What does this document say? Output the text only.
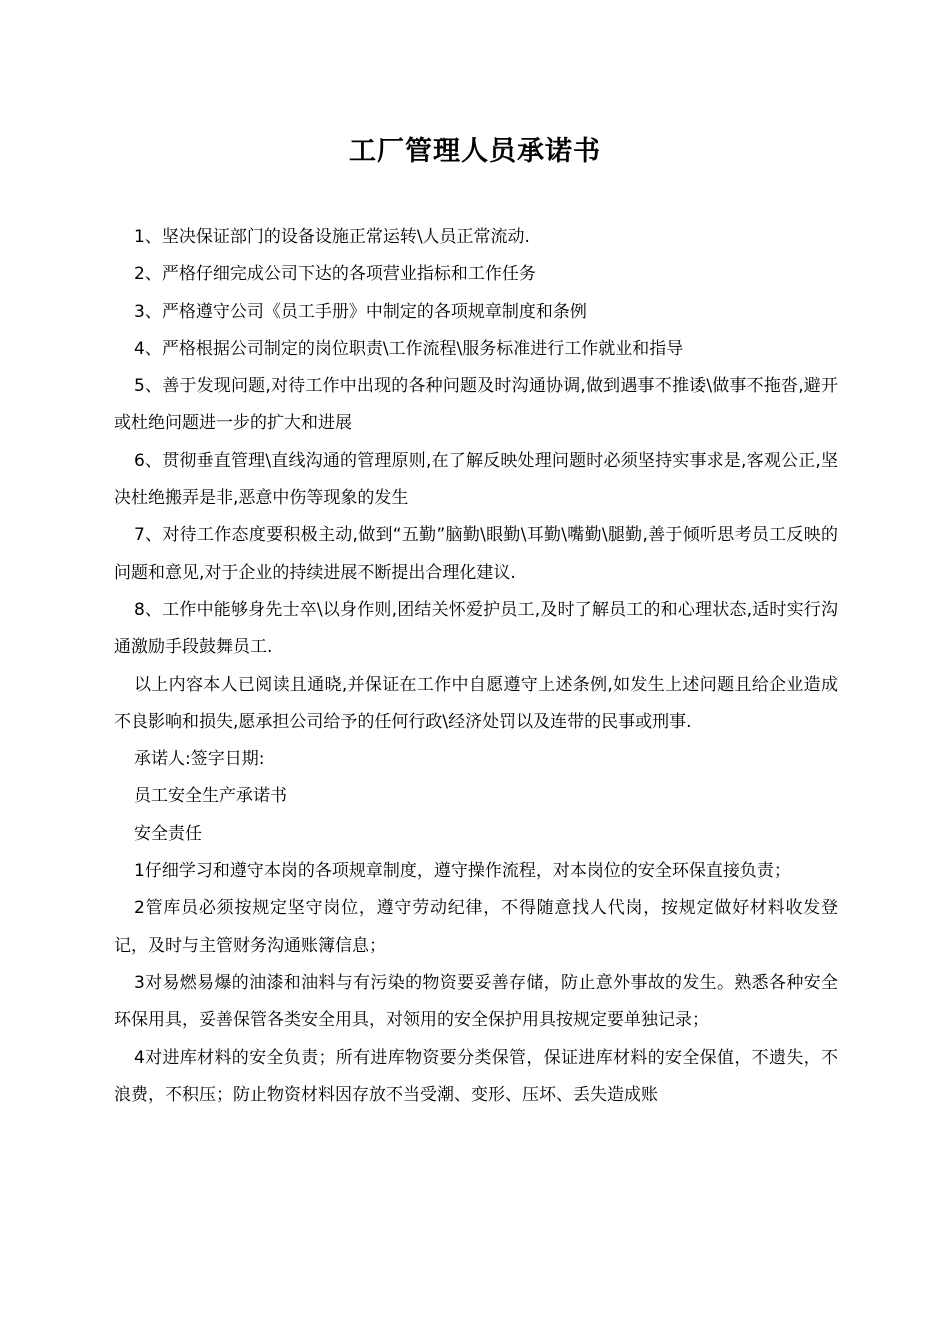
工厂管理人员承诺书

1、坚决保证部门的设备设施正常运转\人员正常流动.

2、严格仔细完成公司下达的各项营业指标和工作任务

3、严格遵守公司《员工手册》中制定的各项规章制度和条例

4、严格根据公司制定的岗位职责\工作流程\服务标准进行工作就业和指导

5、善于发现问题,对待工作中出现的各种问题及时沟通协调,做到遇事不推诿\做事不拖沓,避开或杜绝问题进一步的扩大和进展

6、贯彻垂直管理\直线沟通的管理原则,在了解反映处理问题时必须坚持实事求是,客观公正,坚决杜绝搬弄是非,恶意中伤等现象的发生

7、对待工作态度要积极主动,做到“五勤”脑勤\眼勤\耳勤\嘴勤\腿勤,善于倾听思考员工反映的问题和意见,对于企业的持续进展不断提出合理化建议.

8、工作中能够身先士卒\以身作则,团结关怀爱护员工,及时了解员工的和心理状态,适时实行沟通激励手段鼓舞员工.

以上内容本人已阅读且通晓,并保证在工作中自愿遵守上述条例,如发生上述问题且给企业造成不良影响和损失,愿承担公司给予的任何行政\经济处罚以及连带的民事或刑事.

承诺人:签字日期:

员工安全生产承诺书

安全责任

1仔细学习和遵守本岗的各项规章制度，遵守操作流程，对本岗位的安全环保直接负责；

2管库员必须按规定坚守岗位，遵守劳动纪律，不得随意找人代岗，按规定做好材料收发登记，及时与主管财务沟通账簿信息；

3对易燃易爆的油漆和油料与有污染的物资要妥善存储，防止意外事故的发生。熟悉各种安全环保用具，妥善保管各类安全用具，对领用的安全保护用具按规定要单独记录；

4对进库材料的安全负责；所有进库物资要分类保管，保证进库材料的安全保值，不遗失，不浪费，不积压；防止物资材料因存放不当受潮、变形、压坏、丢失造成账
